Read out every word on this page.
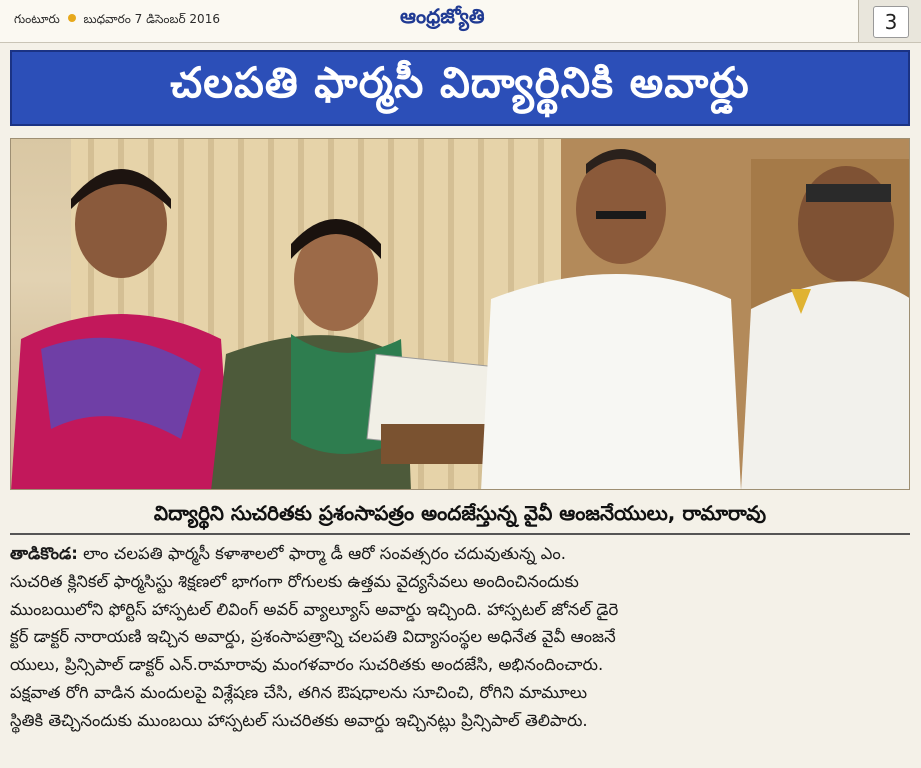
గుంటూరు బుధవారం 7 డిసెంబర్ 2016	ఆంధ్రజ్యోతి	3
చలపతి ఫార్మసీ విద్యార్థినికి అవార్డు
విద్యార్థిని సుచరితకు ప్రశంసాపత్రం అందజేస్తున్న వైవీ ఆంజనేయులు, రామారావు

తాడికొండ: లాం చలపతి ఫార్మసీ కళాశాలలో ఫార్మా డీ ఆరో సంవత్సరం చదువుతున్న ఎం.

సుచరిత క్లినికల్ ఫార్మసిస్టు శిక్షణలో భాగంగా రోగులకు ఉత్తమ వైద్యసేవలు అందించినందుకు

ముంబయిలోని ఫోర్టిస్ హాస్పటల్ లివింగ్ అవర్ వ్యాల్యూస్ అవార్డు ఇచ్చింది. హాస్పటల్ జోనల్ డైరె

క్టర్ డాక్టర్ నారాయణి ఇచ్చిన అవార్డు, ప్రశంసాపత్రాన్ని చలపతి విద్యాసంస్థల అధినేత వైవీ ఆంజనే

యులు, ప్రిన్సిపాల్ డాక్టర్ ఎన్.రామారావు మంగళవారం సుచరితకు అందజేసి, అభినందించారు.

పక్షవాత రోగి వాడిన మందులపై విశ్లేషణ చేసి, తగిన ఔషధాలను సూచించి, రోగిని మామూలు

స్థితికి తెచ్చినందుకు ముంబయి హాస్పటల్ సుచరితకు అవార్డు ఇచ్చినట్లు ప్రిన్సిపాల్ తెలిపారు.
